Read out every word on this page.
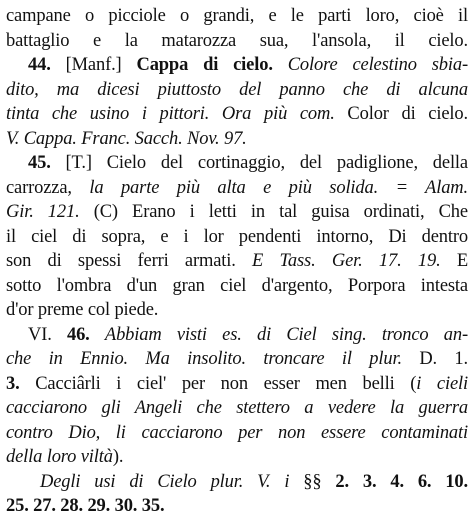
campane o picciole o grandi, e le parti loro, cioè il
battaglio e la matarozza sua, l'ansola, il cielo.
44. [Manf.] Cappa di cielo. Colore celestino sbia-
dito, ma dicesi piuttosto del panno che di alcuna
tinta che usino i pittori. Ora più com. Color di cielo.
V. Cappa. Franc. Sacch. Nov. 97.
45. [T.] Cielo del cortinaggio, del padiglione, della
carrozza, la parte più alta e più solida. = Alam.
Gir. 121. (C) Erano i letti in tal guisa ordinati, Che
il ciel di sopra, e i lor pendenti intorno, Di dentro
son di spessi ferri armati. E Tass. Ger. 17. 19. E
sotto l'ombra d'un gran ciel d'argento, Porpora intesta
d'or preme col piede.
VI. 46. Abbiam visti es. di Ciel sing. tronco an-
che in Ennio. Ma insolito. troncare il plur. D. 1.
3. Cacciârli i ciel' per non esser men belli (i cieli
cacciarono gli Angeli che stettero a vedere la guerra
contro Dio, li cacciarono per non essere contaminati
della loro viltà).
Degli usi di Cielo plur. V. i §§ 2. 3. 4. 6. 10.
25. 27. 28. 29. 30. 35.
